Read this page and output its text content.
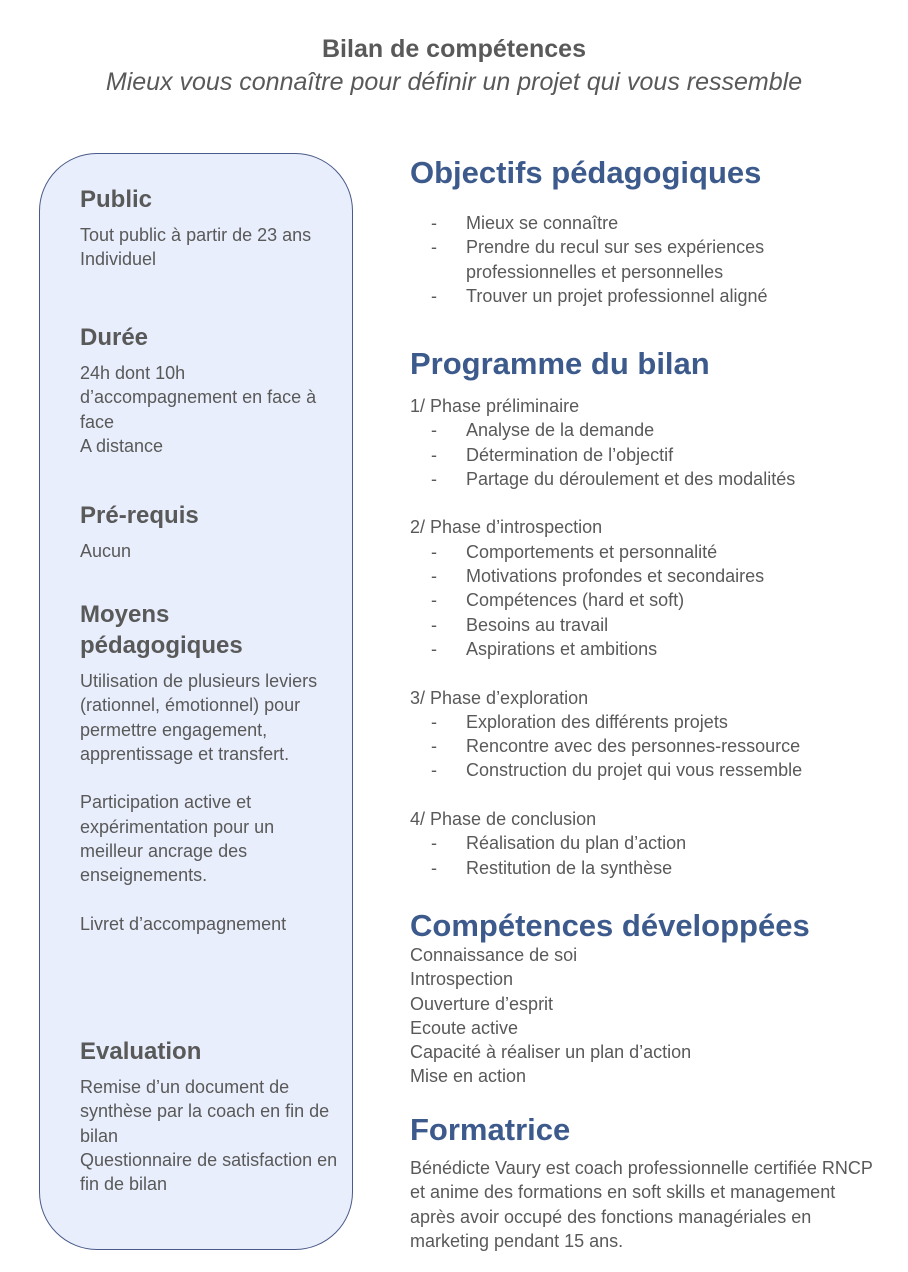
Bilan de compétences
Mieux vous connaître pour définir un projet qui vous ressemble
Public
Tout public à partir de 23 ans
Individuel
Durée
24h dont 10h d’accompagnement en face à face
A distance
Pré-requis
Aucun
Moyens pédagogiques
Utilisation de plusieurs leviers (rationnel, émotionnel) pour permettre engagement, apprentissage et transfert.
Participation active et expérimentation pour un meilleur ancrage des enseignements.
Livret d’accompagnement
Evaluation
Remise d’un document de synthèse par la coach en fin de bilan
Questionnaire de satisfaction en fin de bilan
Objectifs pédagogiques
- Mieux se connaître
- Prendre du recul sur ses expériences professionnelles et personnelles
- Trouver un projet professionnel aligné
Programme du bilan
1/ Phase préliminaire
- Analyse de la demande
- Détermination de l’objectif
- Partage du déroulement et des modalités
2/ Phase d’introspection
- Comportements et personnalité
- Motivations profondes et secondaires
- Compétences (hard et soft)
- Besoins au travail
- Aspirations et ambitions
3/ Phase d’exploration
- Exploration des différents projets
- Rencontre avec des personnes-ressource
- Construction du projet qui vous ressemble
4/ Phase de conclusion
- Réalisation du plan d’action
- Restitution de la synthèse
Compétences développées
Connaissance de soi
Introspection
Ouverture d’esprit
Ecoute active
Capacité à réaliser un plan d’action
Mise en action
Formatrice
Bénédicte Vaury est coach professionnelle certifiée RNCP et anime des formations en soft skills et management après avoir occupé des fonctions managériales en marketing pendant 15 ans.
